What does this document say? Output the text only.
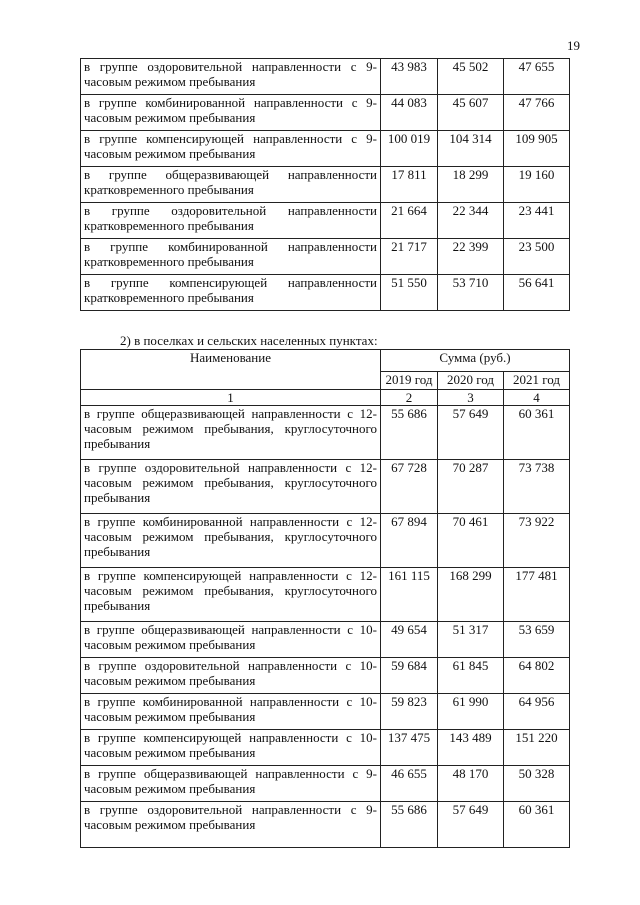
19
в группе оздоровительной направленности с 9-часовым режимом пребывания	43 983	45 502	47 655
в группе комбинированной направленности с 9-часовым режимом пребывания	44 083	45 607	47 766
в группе компенсирующей направленности с 9-часовым режимом пребывания	100 019	104 314	109 905
в группе общеразвивающей направленности кратковременного пребывания	17 811	18 299	19 160
в группе оздоровительной направленности кратковременного пребывания	21 664	22 344	23 441
в группе комбинированной направленности кратковременного пребывания	21 717	22 399	23 500
в группе компенсирующей направленности кратковременного пребывания	51 550	53 710	56 641
2) в поселках и сельских населенных пунктах:
Наименование	Сумма (руб.)		
	2019 год	2020 год	2021 год
1	2	3	4
в группе общеразвивающей направленности с 12-часовым режимом пребывания, круглосуточного пребывания	55 686	57 649	60 361
в группе оздоровительной направленности с 12-часовым режимом пребывания, круглосуточного пребывания	67 728	70 287	73 738
в группе комбинированной направленности с 12-часовым режимом пребывания, круглосуточного пребывания	67 894	70 461	73 922
в группе компенсирующей направленности с 12-часовым режимом пребывания, круглосуточного пребывания	161 115	168 299	177 481
в группе общеразвивающей направленности с 10-часовым режимом пребывания	49 654	51 317	53 659
в группе оздоровительной направленности с 10-часовым режимом пребывания	59 684	61 845	64 802
в группе комбинированной направленности с 10-часовым режимом пребывания	59 823	61 990	64 956
в группе компенсирующей направленности с 10-часовым режимом пребывания	137 475	143 489	151 220
в группе общеразвивающей направленности с 9-часовым режимом пребывания	46 655	48 170	50 328
в группе оздоровительной направленности с 9-часовым режимом пребывания	55 686	57 649	60 361
